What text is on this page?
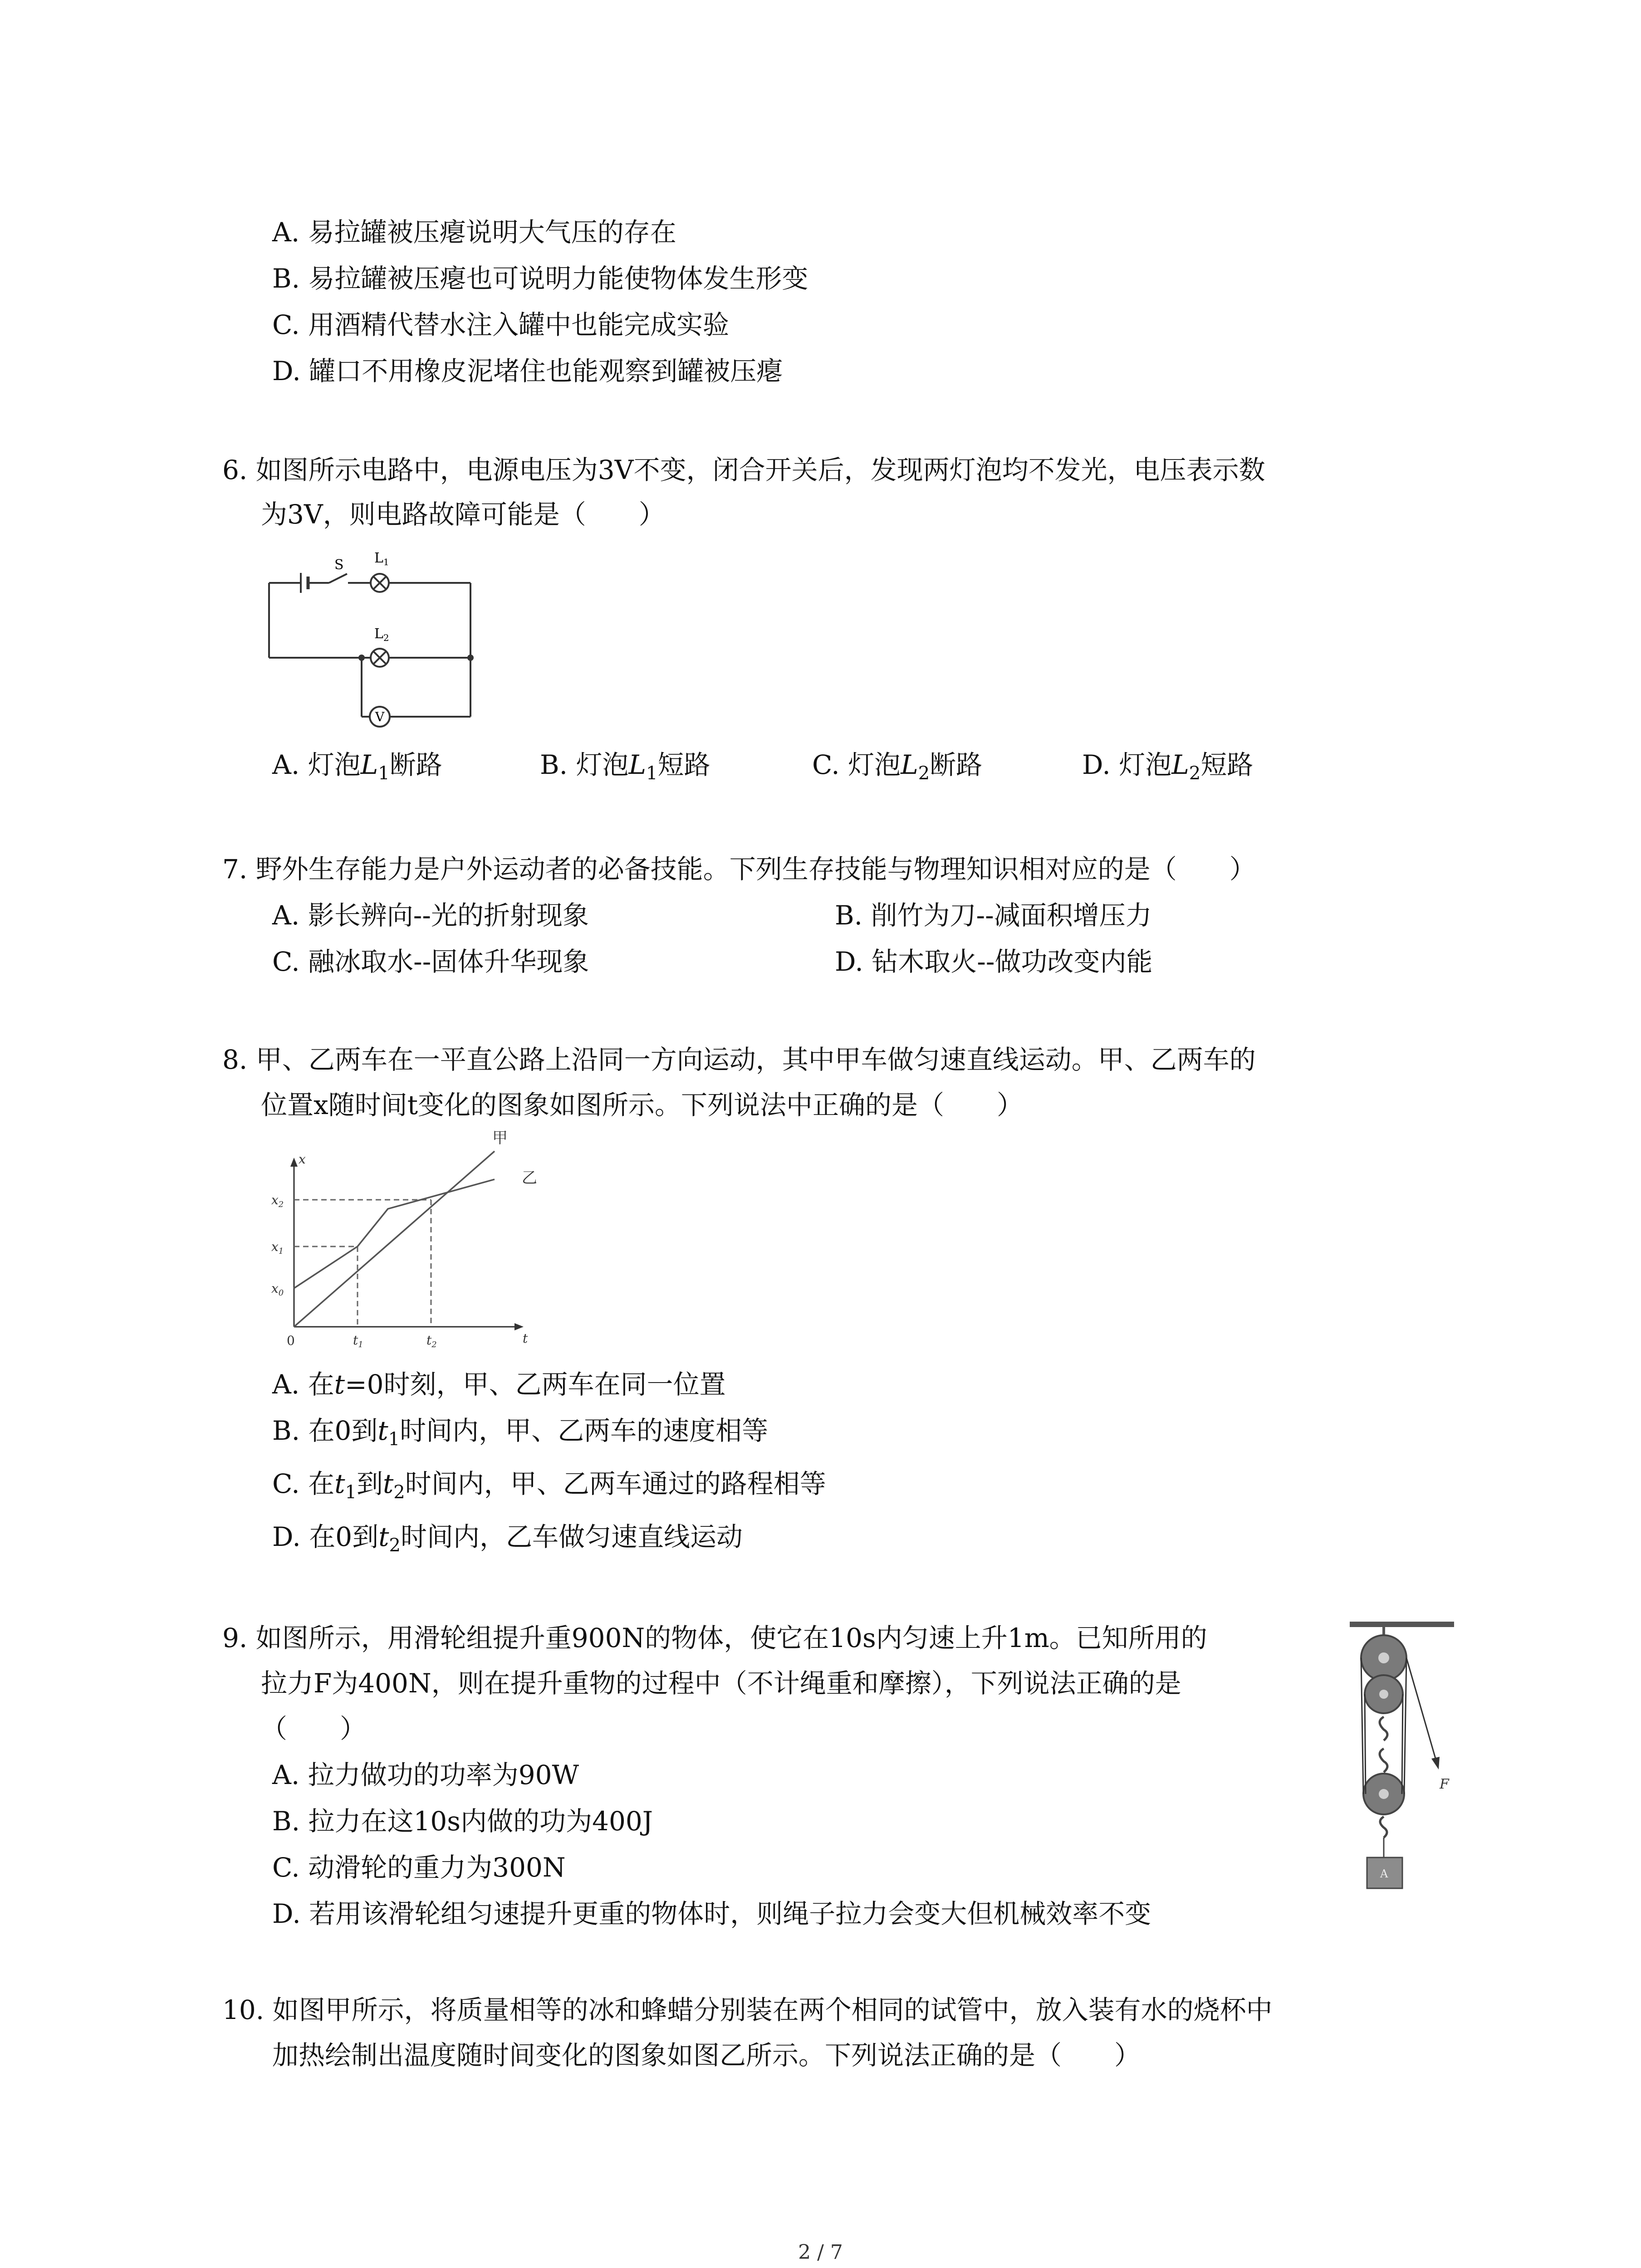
A. 易拉罐被压瘪说明大气压的存在
B. 易拉罐被压瘪也可说明力能使物体发生形变
C. 用酒精代替水注入罐中也能完成实验
D. 罐口不用橡皮泥堵住也能观察到罐被压瘪
6. 如图所示电路中，电源电压为3V不变，闭合开关后，发现两灯泡均不发光，电压表示数
为3V，则电路故障可能是（　　）
S $L_1$
$L_2$
V
A. 灯泡$L_1$断路	B. 灯泡$L_1$短路	C. 灯泡$L_2$断路	D. 灯泡$L_2$短路
7. 野外生存能力是户外运动者的必备技能。下列生存技能与物理知识相对应的是（　　）
A. 影长辨向--光的折射现象	B. 削竹为刀--减面积增压力
C. 融冰取水--固体升华现象	D. 钻木取火--做功改变内能
8. 甲、乙两车在一平直公路上沿同一方向运动，其中甲车做匀速直线运动。甲、乙两车的
位置x随时间t变化的图象如图所示。下列说法中正确的是（　　）
x
t
$x_2$
$x_1$
$x_0$
$t_1$	$t_2$
0
甲
乙
A. 在t=0时刻，甲、乙两车在同一位置
B. 在0到$t_1$时间内，甲、乙两车的速度相等
C. 在$t_1$到$t_2$时间内，甲、乙两车通过的路程相等
D. 在0到$t_2$时间内，乙车做匀速直线运动
9. 如图所示，用滑轮组提升重900N的物体，使它在10s内匀速上升1m。已知所用的
拉力F为400N，则在提升重物的过程中（不计绳重和摩擦），下列说法正确的是
（　　）
A. 拉力做功的功率为90W
B. 拉力在这10s内做的功为400J
C. 动滑轮的重力为300N
D. 若用该滑轮组匀速提升更重的物体时，则绳子拉力会变大但机械效率不变
F
A
10. 如图甲所示，将质量相等的冰和蜂蜡分别装在两个相同的试管中，放入装有水的烧杯中
加热绘制出温度随时间变化的图象如图乙所示。下列说法正确的是（　　）
2 / 7
